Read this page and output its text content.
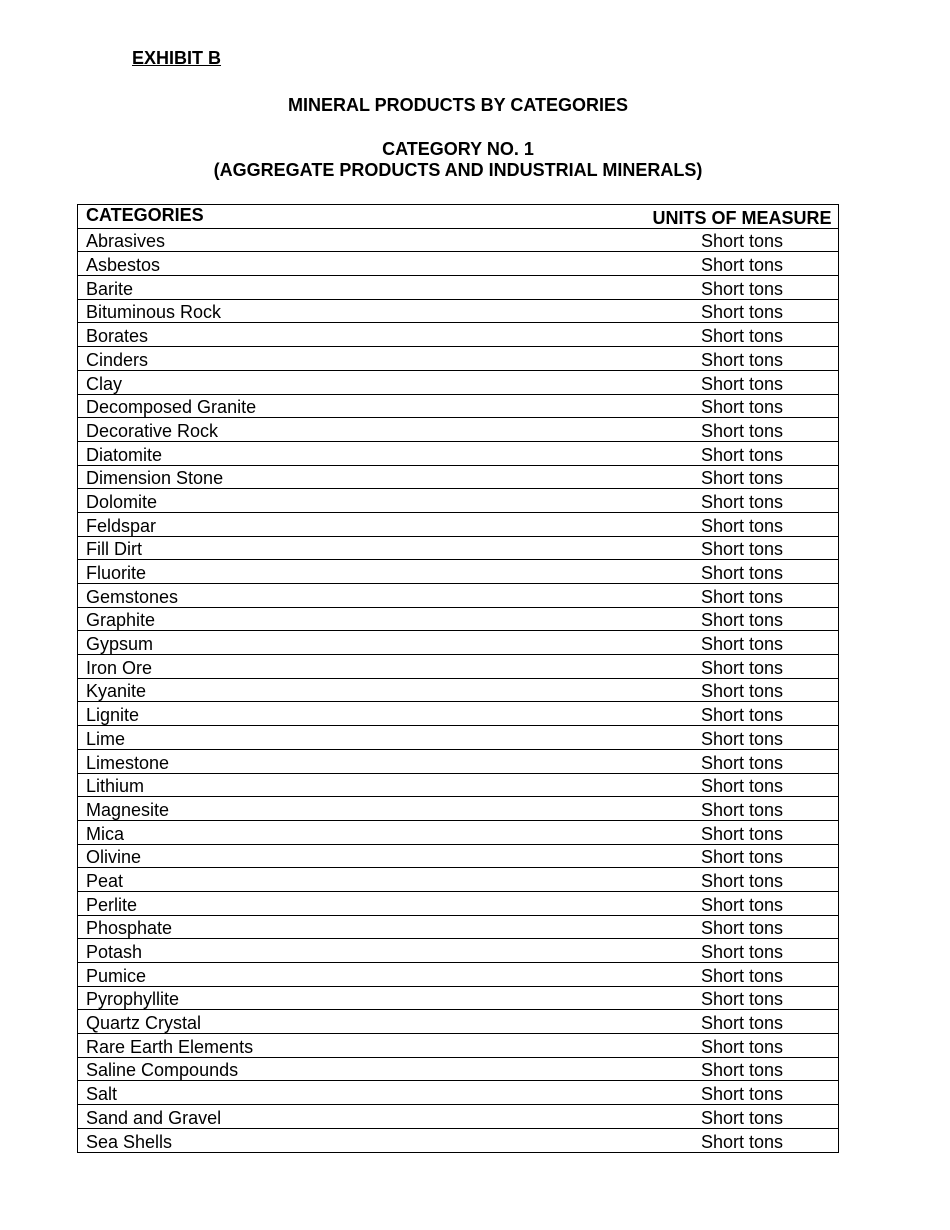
EXHIBIT B
MINERAL PRODUCTS BY CATEGORIES
CATEGORY NO. 1
(AGGREGATE PRODUCTS AND INDUSTRIAL MINERALS)
CATEGORIES	UNITS OF MEASURE
Abrasives	Short tons
Asbestos	Short tons
Barite	Short tons
Bituminous Rock	Short tons
Borates	Short tons
Cinders	Short tons
Clay	Short tons
Decomposed Granite	Short tons
Decorative Rock	Short tons
Diatomite	Short tons
Dimension Stone	Short tons
Dolomite	Short tons
Feldspar	Short tons
Fill Dirt	Short tons
Fluorite	Short tons
Gemstones	Short tons
Graphite	Short tons
Gypsum	Short tons
Iron Ore	Short tons
Kyanite	Short tons
Lignite	Short tons
Lime	Short tons
Limestone	Short tons
Lithium	Short tons
Magnesite	Short tons
Mica	Short tons
Olivine	Short tons
Peat	Short tons
Perlite	Short tons
Phosphate	Short tons
Potash	Short tons
Pumice	Short tons
Pyrophyllite	Short tons
Quartz Crystal	Short tons
Rare Earth Elements	Short tons
Saline Compounds	Short tons
Salt	Short tons
Sand and Gravel	Short tons
Sea Shells	Short tons
